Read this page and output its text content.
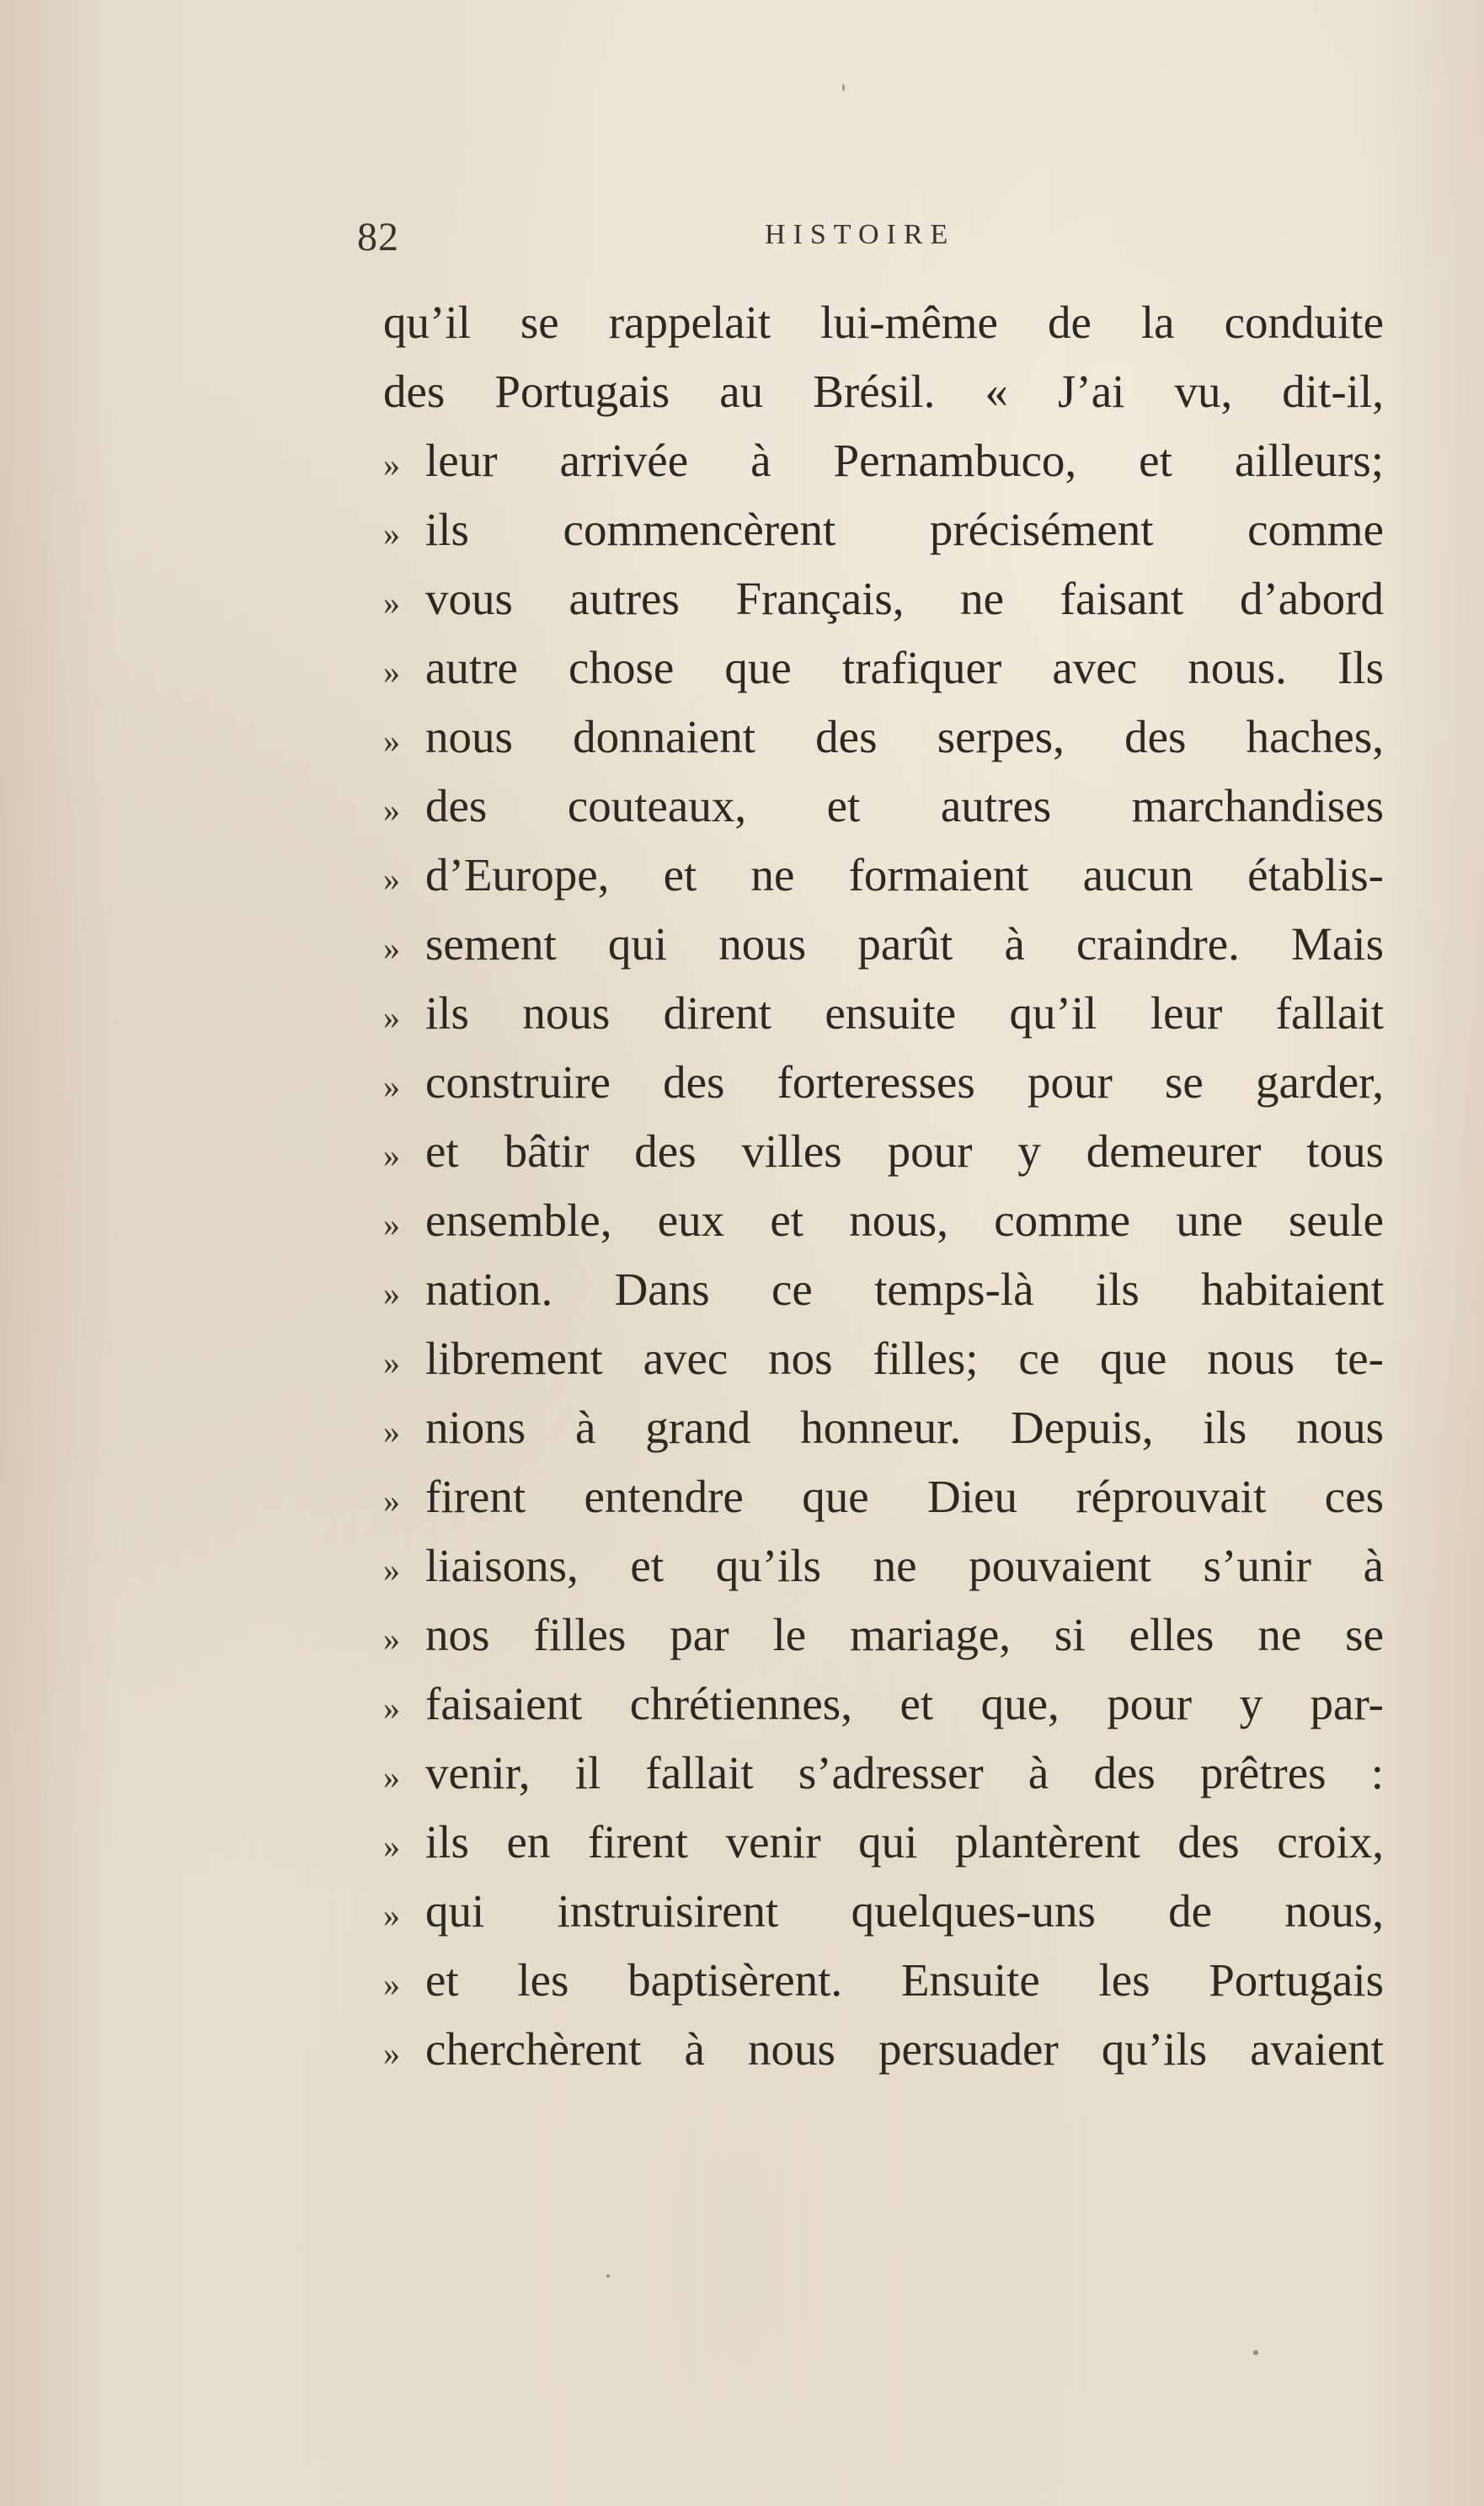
82	HISTOIRE
qu’il se rappelait lui-même de la conduite
des Portugais au Brésil. « J’ai vu, dit-il,
» leur arrivée à Pernambuco, et ailleurs;
» ils commencèrent précisément comme
» vous autres Français, ne faisant d’abord
» autre chose que trafiquer avec nous. Ils
» nous donnaient des serpes, des haches,
» des couteaux, et autres marchandises
» d’Europe, et ne formaient aucun établis-
» sement qui nous parût à craindre. Mais
» ils nous dirent ensuite qu’il leur fallait
» construire des forteresses pour se garder,
» et bâtir des villes pour y demeurer tous
» ensemble, eux et nous, comme une seule
» nation. Dans ce temps-là ils habitaient
» librement avec nos filles; ce que nous te-
» nions à grand honneur. Depuis, ils nous
» firent entendre que Dieu réprouvait ces
» liaisons, et qu’ils ne pouvaient s’unir à
» nos filles par le mariage, si elles ne se
» faisaient chrétiennes, et que, pour y par-
» venir, il fallait s’adresser à des prêtres :
» ils en firent venir qui plantèrent des croix,
» qui instruisirent quelques-uns de nous,
» et les baptisèrent. Ensuite les Portugais
» cherchèrent à nous persuader qu’ils avaient
